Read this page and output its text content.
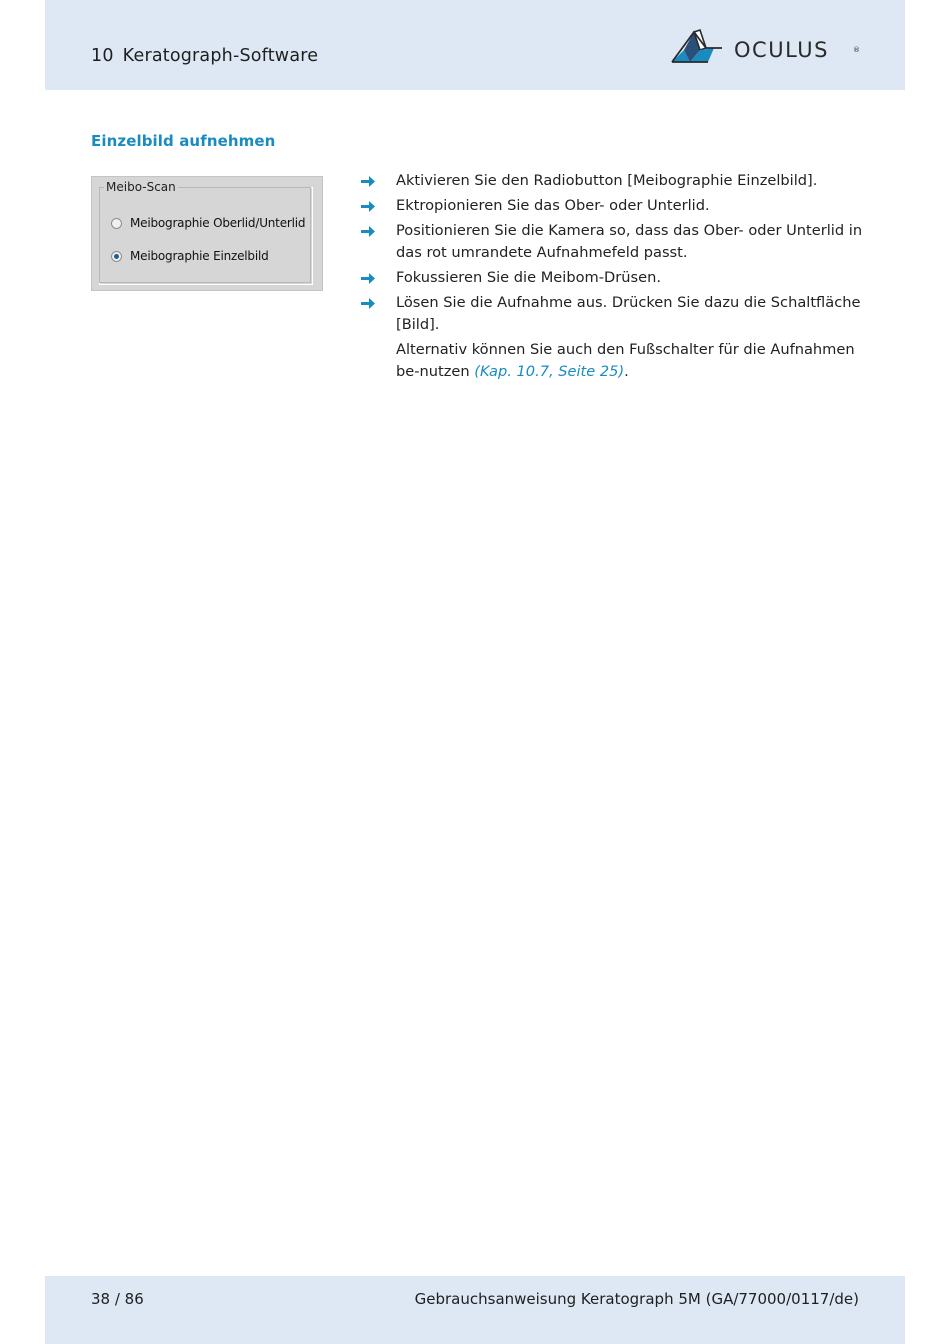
10 Keratograph-Software	OCULUS	®
Einzelbild aufnehmen
Meibo-Scan
Meibographie Oberlid/Unterlid
Meibographie Einzelbild
Aktivieren Sie den Radiobutton [Meibographie Einzelbild].
Ektropionieren Sie das Ober- oder Unterlid.
Positionieren Sie die Kamera so, dass das Ober- oder Unterlid in das rot umrandete Aufnahmefeld passt.
Fokussieren Sie die Meibom-Drüsen.
Lösen Sie die Aufnahme aus. Drücken Sie dazu die Schaltfläche [Bild].
Alternativ können Sie auch den Fußschalter für die Aufnahmen be-nutzen (Kap. 10.7, Seite 25).
38 / 86	Gebrauchsanweisung Keratograph 5M (GA/77000/0117/de)
